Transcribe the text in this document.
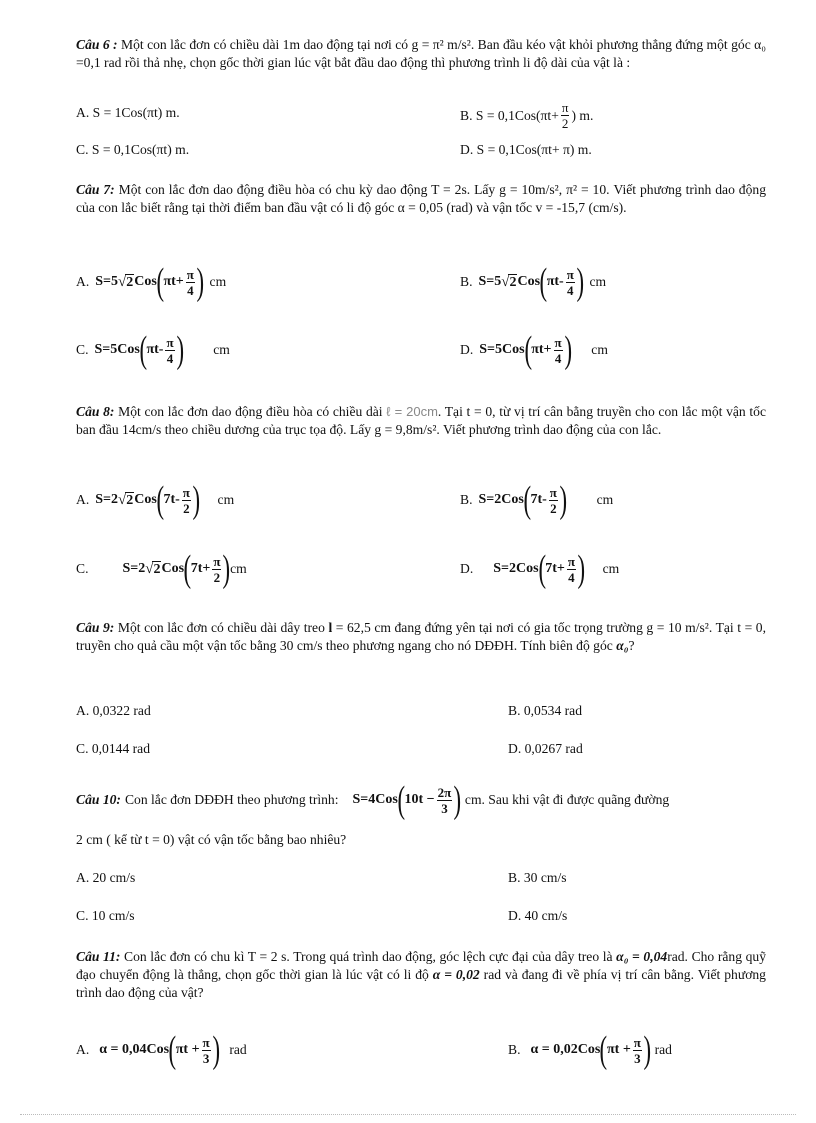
Câu 6 : Một con lắc đơn có chiều dài 1m dao động tại nơi có g = π² m/s². Ban đầu kéo vật khỏi phương thẳng đứng một góc α₀ =0,1 rad rồi thả nhẹ, chọn gốc thời gian lúc vật bắt đầu dao động thì phương trình li độ dài của vật là :

A. S = 1Cos(πt) m.	B. $S = 0,1Cos(\pi t+ \frac{\pi}{2}$ ) m.
C. S = 0,1Cos(πt) m.	D. S = 0,1Cos(πt+ π) m.

Câu 7: Một con lắc đơn dao động điều hòa có chu kỳ dao động T = 2s. Lấy g = 10m/s², π² = 10. Viết phương trình dao động của con lắc biết rằng tại thời điểm ban đầu vật có li độ góc α = 0,05 (rad) và vận tốc v = -15,7 (cm/s).

A. S=5 √ 2 Cos ( $\pi t+ \frac{\pi}{4}$ ) cm	B. S=5 √ 2 Cos ( $\pi t- \frac{\pi}{4}$ ) cm
C. S=5Cos ( $\pi t- \frac{\pi}{4}$ ) cm	D. S=5Cos ( $\pi t+ \frac{\pi}{4}$ ) cm

Câu 8: Một con lắc đơn dao động điều hòa có chiều dài ℓ = 20cm. Tại t = 0, từ vị trí cân bằng truyền cho con lắc một vận tốc ban đầu 14cm/s theo chiều dương của trục tọa độ. Lấy g = 9,8m/s². Viết phương trình dao động của con lắc.

A. S=2 √ 2 Cos ( $7t- \frac{\pi}{2}$ ) cm	B. S=2Cos ( $7t- \frac{\pi}{2}$ ) cm
C. S=2 √ 2 Cos ( $7t+ \frac{\pi}{2}$ ) cm	D. S=2Cos ( $7t+ \frac{\pi}{4}$ ) cm

Câu 9: Một con lắc đơn có chiều dài dây treo l = 62,5 cm đang đứng yên tại nơi có gia tốc trọng trường g = 10 m/s². Tại t = 0, truyền cho quả cầu một vận tốc bằng 30 cm/s theo phương ngang cho nó DĐĐH. Tính biên độ góc α₀?

A. 0,0322 rad	B. 0,0534 rad
C. 0,0144 rad	D. 0,0267 rad
Câu 10: Con lắc đơn DĐĐH theo phương trình: S=4Cos ( $10t - \frac{2\pi}{3}$ ) cm. Sau khi vật đi được quãng đường
2 cm ( kể từ t = 0) vật có vận tốc bằng bao nhiêu?
A. 20 cm/s	B. 30 cm/s
C. 10 cm/s	D. 40 cm/s

Câu 11: Con lắc đơn có chu kì T = 2 s. Trong quá trình dao động, góc lệch cực đại của dây treo là α₀ = 0,04rad. Cho rằng quỹ đạo chuyển động là thẳng, chọn gốc thời gian là lúc vật có li độ α = 0,02 rad và đang đi về phía vị trí cân bằng. Viết phương trình dao động của vật?

A. α = 0,04Cos ( $\pi t + \frac{\pi}{3}$ ) rad	B. α = 0,02Cos ( $\pi t + \frac{\pi}{3}$ ) rad
